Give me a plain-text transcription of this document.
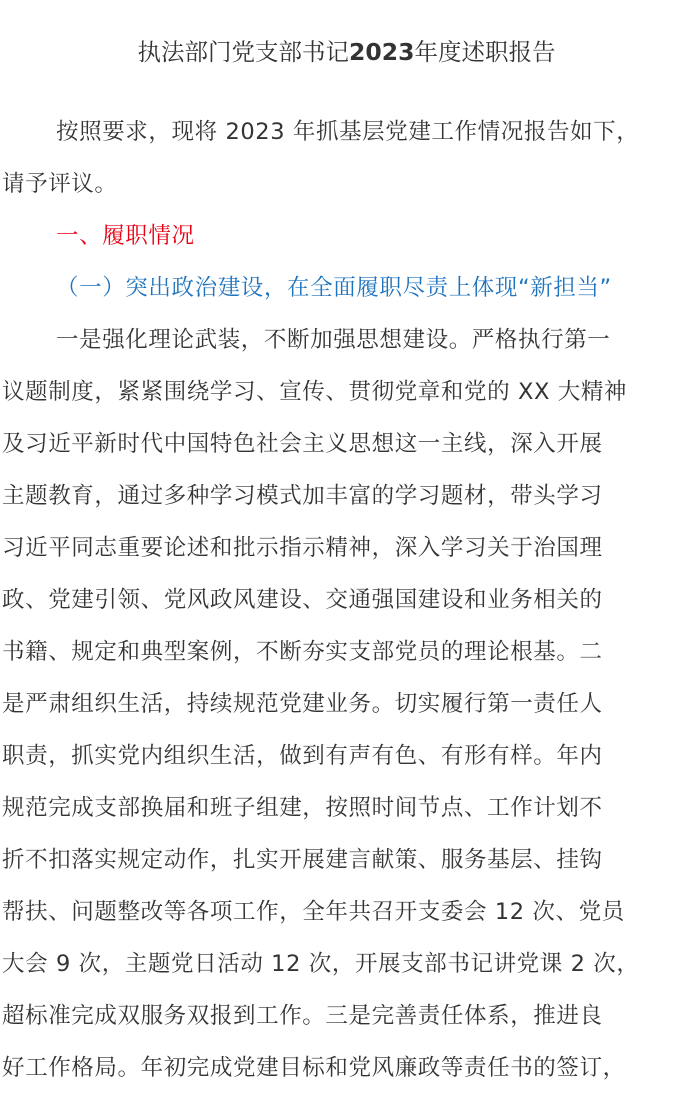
执法部门党支部书记2023年度述职报告
按照要求，现将 2023 年抓基层党建工作情况报告如下，
请予评议。
一、履职情况
（一）突出政治建设，在全面履职尽责上体现“新担当”
一是强化理论武装，不断加强思想建设。严格执行第一
议题制度，紧紧围绕学习、宣传、贯彻党章和党的 XX 大精神
及习近平新时代中国特色社会主义思想这一主线，深入开展
主题教育，通过多种学习模式加丰富的学习题材，带头学习
习近平同志重要论述和批示指示精神，深入学习关于治国理
政、党建引领、党风政风建设、交通强国建设和业务相关的
书籍、规定和典型案例，不断夯实支部党员的理论根基。二
是严肃组织生活，持续规范党建业务。切实履行第一责任人
职责，抓实党内组织生活，做到有声有色、有形有样。年内
规范完成支部换届和班子组建，按照时间节点、工作计划不
折不扣落实规定动作，扎实开展建言献策、服务基层、挂钩
帮扶、问题整改等各项工作，全年共召开支委会 12 次、党员
大会 9 次，主题党日活动 12 次，开展支部书记讲党课 2 次，
超标准完成双服务双报到工作。三是完善责任体系，推进良
好工作格局。年初完成党建目标和党风廉政等责任书的签订，
